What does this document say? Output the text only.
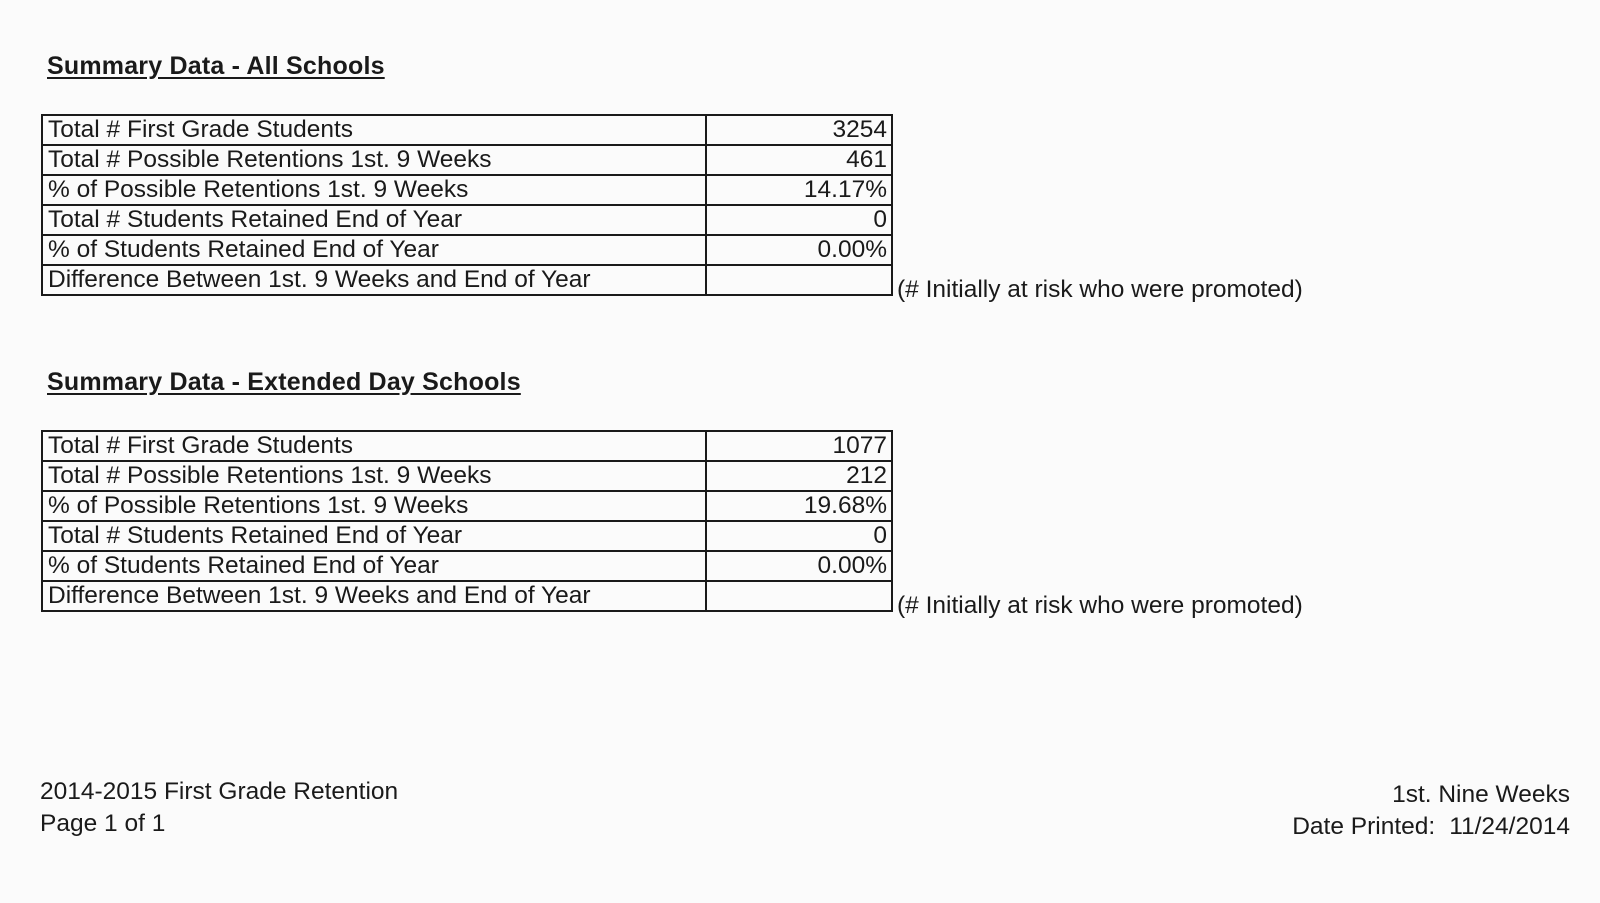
Summary Data - All Schools
Total # First Grade Students	3254
Total # Possible Retentions 1st. 9 Weeks	461
% of Possible Retentions 1st. 9 Weeks	14.17%
Total # Students Retained End of Year	0
% of Students Retained End of Year	0.00%
Difference Between 1st. 9 Weeks and End of Year		(# Initially at risk who were promoted)
Summary Data - Extended Day Schools
Total # First Grade Students	1077
Total # Possible Retentions 1st. 9 Weeks	212
% of Possible Retentions 1st. 9 Weeks	19.68%
Total # Students Retained End of Year	0
% of Students Retained End of Year	0.00%
Difference Between 1st. 9 Weeks and End of Year		(# Initially at risk who were promoted)
2014-2015 First Grade Retention
Page 1 of 1
1st. Nine Weeks
Date Printed: 11/24/2014
